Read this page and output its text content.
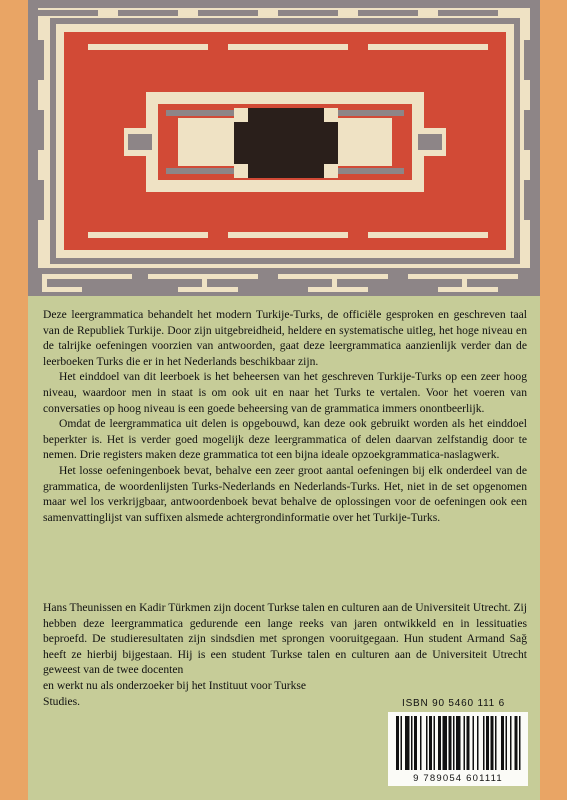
Deze leergrammatica behandelt het modern Turkije-Turks, de officiële gesproken en geschreven taal van de Republiek Turkije. Door zijn uitgebreidheid, heldere en systematische uitleg, het hoge niveau en de talrijke oefeningen voorzien van antwoorden, gaat deze leergrammatica aanzienlijk verder dan de leerboeken Turks die er in het Nederlands beschikbaar zijn.

Het einddoel van dit leerboek is het beheersen van het geschreven Turkije-Turks op een zeer hoog niveau, waardoor men in staat is om ook uit en naar het Turks te vertalen. Voor het voeren van conversaties op hoog niveau is een goede beheersing van de grammatica immers onontbeerlijk.

Omdat de leergrammatica uit delen is opgebouwd, kan deze ook gebruikt worden als het einddoel beperkter is. Het is verder goed mogelijk deze leergrammatica of delen daarvan zelfstandig door te nemen. Drie registers maken deze grammatica tot een bijna ideale opzoekgrammatica-naslagwerk.

Het losse oefeningenboek bevat, behalve een zeer groot aantal oefeningen bij elk onderdeel van de grammatica, de woordenlijsten Turks-Nederlands en Nederlands-Turks. Het, niet in de set opgenomen maar wel los verkrijgbaar, antwoordenboek bevat behalve de oplossingen voor de oefeningen ook een samenvattinglijst van suffixen alsmede achtergrondinformatie over het Turkije-Turks.

Hans Theunissen en Kadir Türkmen zijn docent Turkse talen en culturen aan de Universiteit Utrecht. Zij hebben deze leergrammatica gedurende een lange reeks van jaren ontwikkeld en in lessituaties beproefd. De studieresultaten zijn sindsdien met sprongen vooruitgegaan. Hun student Armand Sağ heeft ze hierbij bijgestaan. Hij is een student Turkse talen en culturen aan de Universiteit Utrecht geweest van de twee docenten

en werkt nu als onderzoeker bij het Instituut voor Turkse Studies.	ISBN 90 5460 111 6
9 789054 601111
